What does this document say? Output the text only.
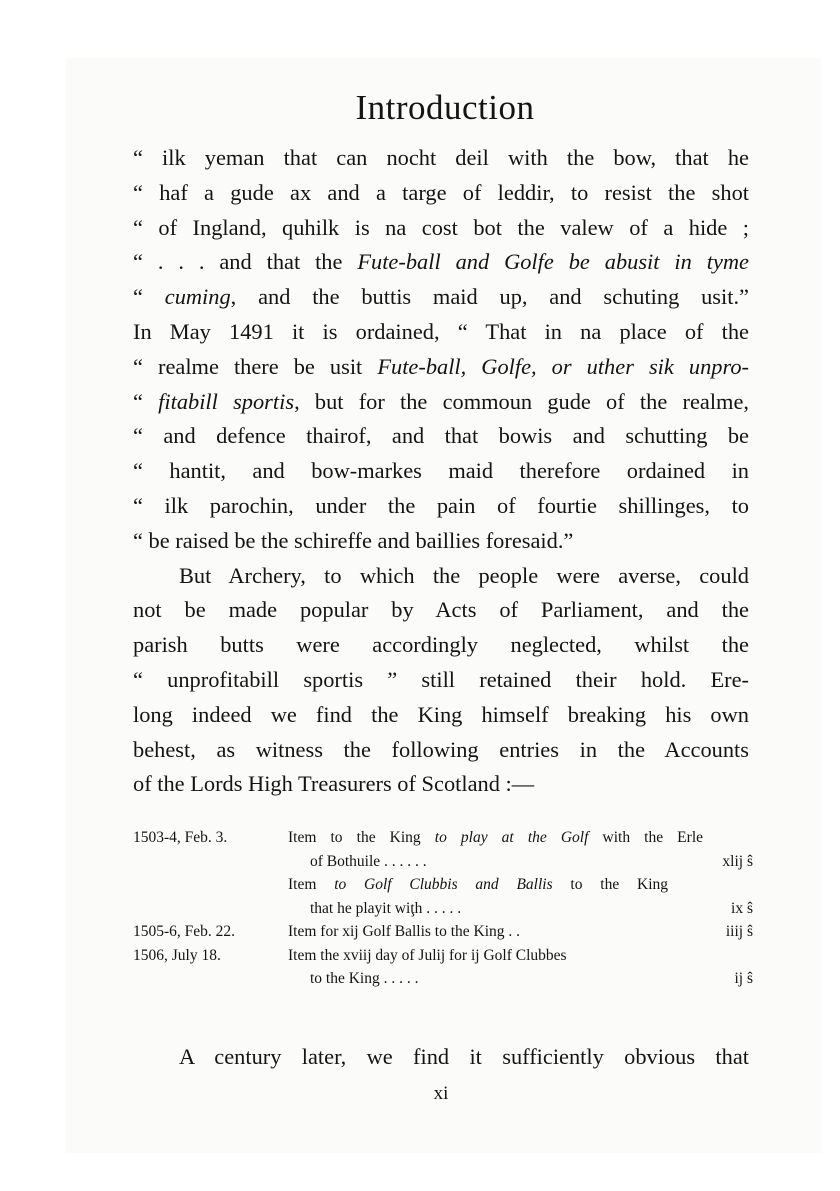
Introduction
“ ilk yeman that can nocht deil with the bow, that he
“ haf a gude ax and a targe of leddir, to resist the shot
“ of Ingland, quhilk is na cost bot the valew of a hide ;
“ . . . and that the Fute-ball and Golfe be abusit in tyme
“ cuming, and the buttis maid up, and schuting usit.”
In May 1491 it is ordained, “ That in na place of the
“ realme there be usit Fute-ball, Golfe, or uther sik unpro-
“ fitabill sportis, but for the commoun gude of the realme,
“ and defence thairof, and that bowis and schutting be
“ hantit, and bow-markes maid therefore ordained in
“ ilk parochin, under the pain of fourtie shillinges, to
“ be raised be the schireffe and baillies foresaid.”
But Archery, to which the people were averse, could
not be made popular by Acts of Parliament, and the
parish butts were accordingly neglected, whilst the
“ unprofitabill sportis ” still retained their hold. Ere-
long indeed we find the King himself breaking his own
behest, as witness the following entries in the Accounts
of the Lords High Treasurers of Scotland :—
1503-4, Feb. 3.	Item to the King to play at the Golf with the Erle
of Bothuile . . . . . .	xlij ŝ
Item to Golf Clubbis and Ballis to the King
that he playit wiţh . . . . .	ix ŝ
1505-6, Feb. 22.	Item for xij Golf Ballis to the King . .	iiij ŝ
1506, July 18.	Item the xviij day of Julij for ij Golf Clubbes
to the King . . . . .	ij ŝ
A century later, we find it sufficiently obvious that
xi
